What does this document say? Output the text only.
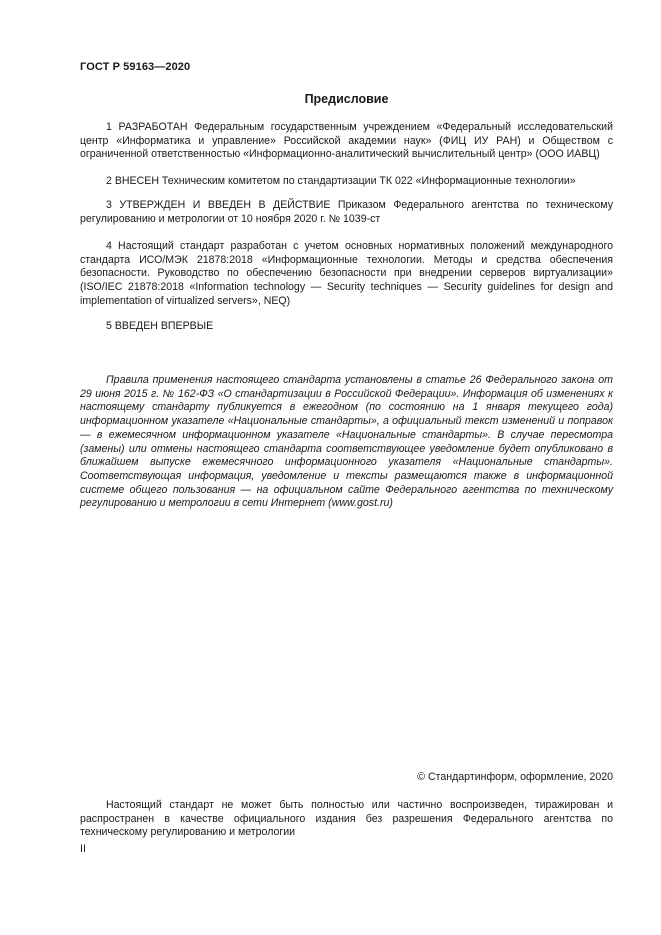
ГОСТ Р 59163—2020
Предисловие

1 РАЗРАБОТАН Федеральным государственным учреждением «Федеральный исследовательский центр «Информатика и управление» Российской академии наук» (ФИЦ ИУ РАН) и Обществом с ограниченной ответственностью «Информационно-аналитический вычислительный центр» (ООО ИАВЦ)

2 ВНЕСЕН Техническим комитетом по стандартизации ТК 022 «Информационные технологии»

3 УТВЕРЖДЕН И ВВЕДЕН В ДЕЙСТВИЕ Приказом Федерального агентства по техническому регулированию и метрологии от 10 ноября 2020 г. № 1039-ст

4 Настоящий стандарт разработан с учетом основных нормативных положений международного стандарта ИСО/МЭК 21878:2018 «Информационные технологии. Методы и средства обеспечения безопасности. Руководство по обеспечению безопасности при внедрении серверов виртуализации» (ISO/IEC 21878:2018 «Information technology — Security techniques — Security guidelines for design and implementation of virtualized servers», NEQ)

5 ВВЕДЕН ВПЕРВЫЕ

Правила применения настоящего стандарта установлены в статье 26 Федерального закона от 29 июня 2015 г. № 162-ФЗ «О стандартизации в Российской Федерации». Информация об изменениях к настоящему стандарту публикуется в ежегодном (по состоянию на 1 января текущего года) информационном указателе «Национальные стандарты», а официальный текст изменений и поправок — в ежемесячном информационном указателе «Национальные стандарты». В случае пересмотра (замены) или отмены настоящего стандарта соответствующее уведомление будет опубликовано в ближайшем выпуске ежемесячного информационного указателя «Национальные стандарты». Соответствующая информация, уведомление и тексты размещаются также в информационной системе общего пользования — на официальном сайте Федерального агентства по техническому регулированию и метрологии в сети Интернет (www.gost.ru)

© Стандартинформ, оформление, 2020

Настоящий стандарт не может быть полностью или частично воспроизведен, тиражирован и распространен в качестве официального издания без разрешения Федерального агентства по техническому регулированию и метрологии

II
